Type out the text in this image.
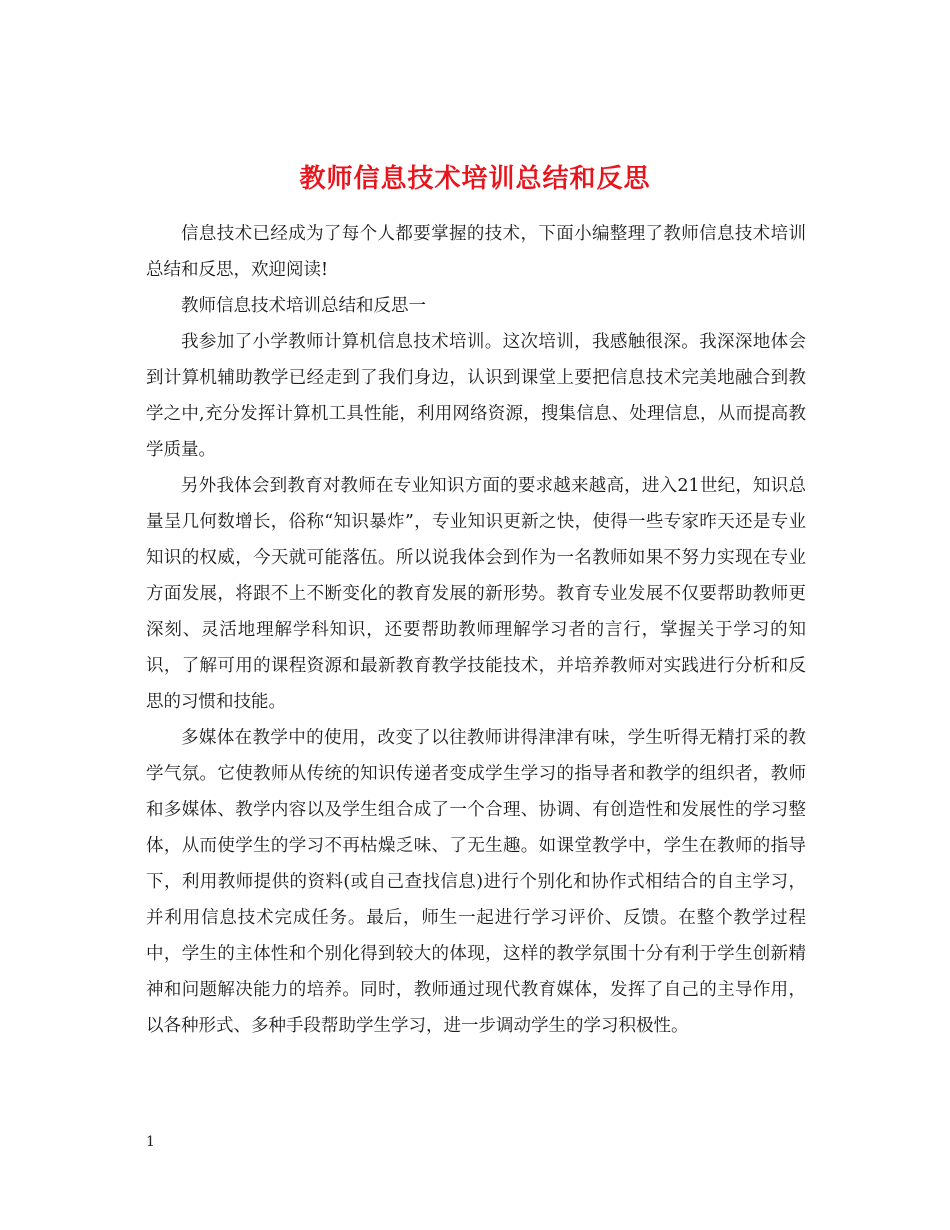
教师信息技术培训总结和反思

信息技术已经成为了每个人都要掌握的技术，下面小编整理了教师信息技术培训总结和反思，欢迎阅读!

教师信息技术培训总结和反思一

我参加了小学教师计算机信息技术培训。这次培训，我感触很深。我深深地体会到计算机辅助教学已经走到了我们身边，认识到课堂上要把信息技术完美地融合到教学之中,充分发挥计算机工具性能，利用网络资源，搜集信息、处理信息，从而提高教学质量。

另外我体会到教育对教师在专业知识方面的要求越来越高，进入21世纪，知识总量呈几何数增长，俗称“知识暴炸”，专业知识更新之快，使得一些专家昨天还是专业知识的权威，今天就可能落伍。所以说我体会到作为一名教师如果不努力实现在专业方面发展，将跟不上不断变化的教育发展的新形势。教育专业发展不仅要帮助教师更深刻、灵活地理解学科知识，还要帮助教师理解学习者的言行，掌握关于学习的知识，了解可用的课程资源和最新教育教学技能技术，并培养教师对实践进行分析和反思的习惯和技能。

多媒体在教学中的使用，改变了以往教师讲得津津有味，学生听得无精打采的教学气氛。它使教师从传统的知识传递者变成学生学习的指导者和教学的组织者，教师和多媒体、教学内容以及学生组合成了一个合理、协调、有创造性和发展性的学习整体，从而使学生的学习不再枯燥乏味、了无生趣。如课堂教学中，学生在教师的指导下，利用教师提供的资料(或自己查找信息)进行个别化和协作式相结合的自主学习，并利用信息技术完成任务。最后，师生一起进行学习评价、反馈。在整个教学过程中，学生的主体性和个别化得到较大的体现，这样的教学氛围十分有利于学生创新精神和问题解决能力的培养。同时，教师通过现代教育媒体，发挥了自己的主导作用，以各种形式、多种手段帮助学生学习，进一步调动学生的学习积极性。

1
